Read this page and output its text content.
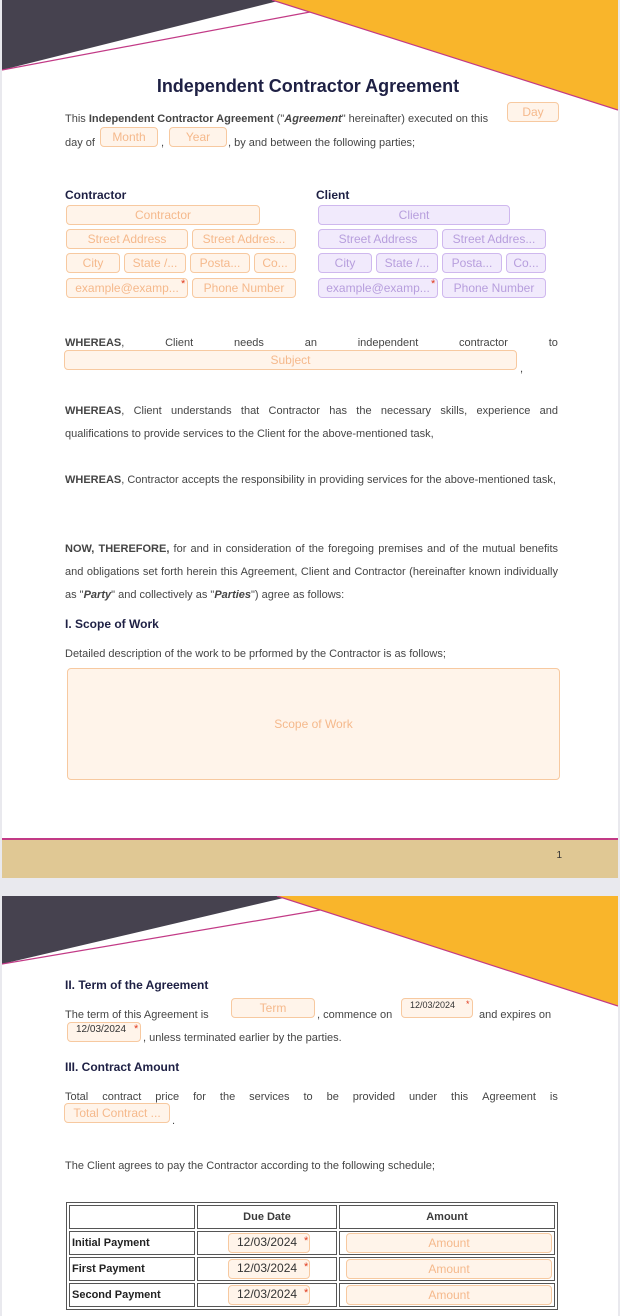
1
Independent Contractor Agreement
This Independent Contractor Agreement ("Agreement" hereinafter) executed on this	Day
day of	Month	,	Year	, by and between the following parties;
Contractor
Contractor
Street Address	Street Addres...
City	State /...	Posta...	Co...
example@examp... *	Phone Number
Client
Client
Street Address	Street Addres...
City	State /...	Posta...	Co...
example@examp... *	Phone Number
WHEREAS,	Client	needs	an	independent	contractor	to
Subject
,
WHEREAS, Client understands that Contractor has the necessary skills, experience and qualifications to provide services to the Client for the above-mentioned task,
WHEREAS, Contractor accepts the responsibility in providing services for the above-mentioned task,
NOW, THEREFORE, for and in consideration of the foregoing premises and of the mutual benefits and obligations set forth herein this Agreement, Client and Contractor (hereinafter known individually as "Party" and collectively as "Parties") agree as follows:
I. Scope of Work
Detailed description of the work to be prformed by the Contractor is as follows;
Scope of Work
II. Term of the Agreement
The term of this Agreement is	Term	, commence on
12/03/2024	*
and expires on
12/03/2024 *
, unless terminated earlier by the parties.
III. Contract Amount
Total contract price for the services to be provided under this Agreement is
Total Contract ...
.
The Client agrees to pay the Contractor according to the following schedule;
	Due Date	Amount
Initial Payment	12/03/2024 *	Amount

First Payment	12/03/2024 *	Amount

Second Payment	12/03/2024 *	Amount
